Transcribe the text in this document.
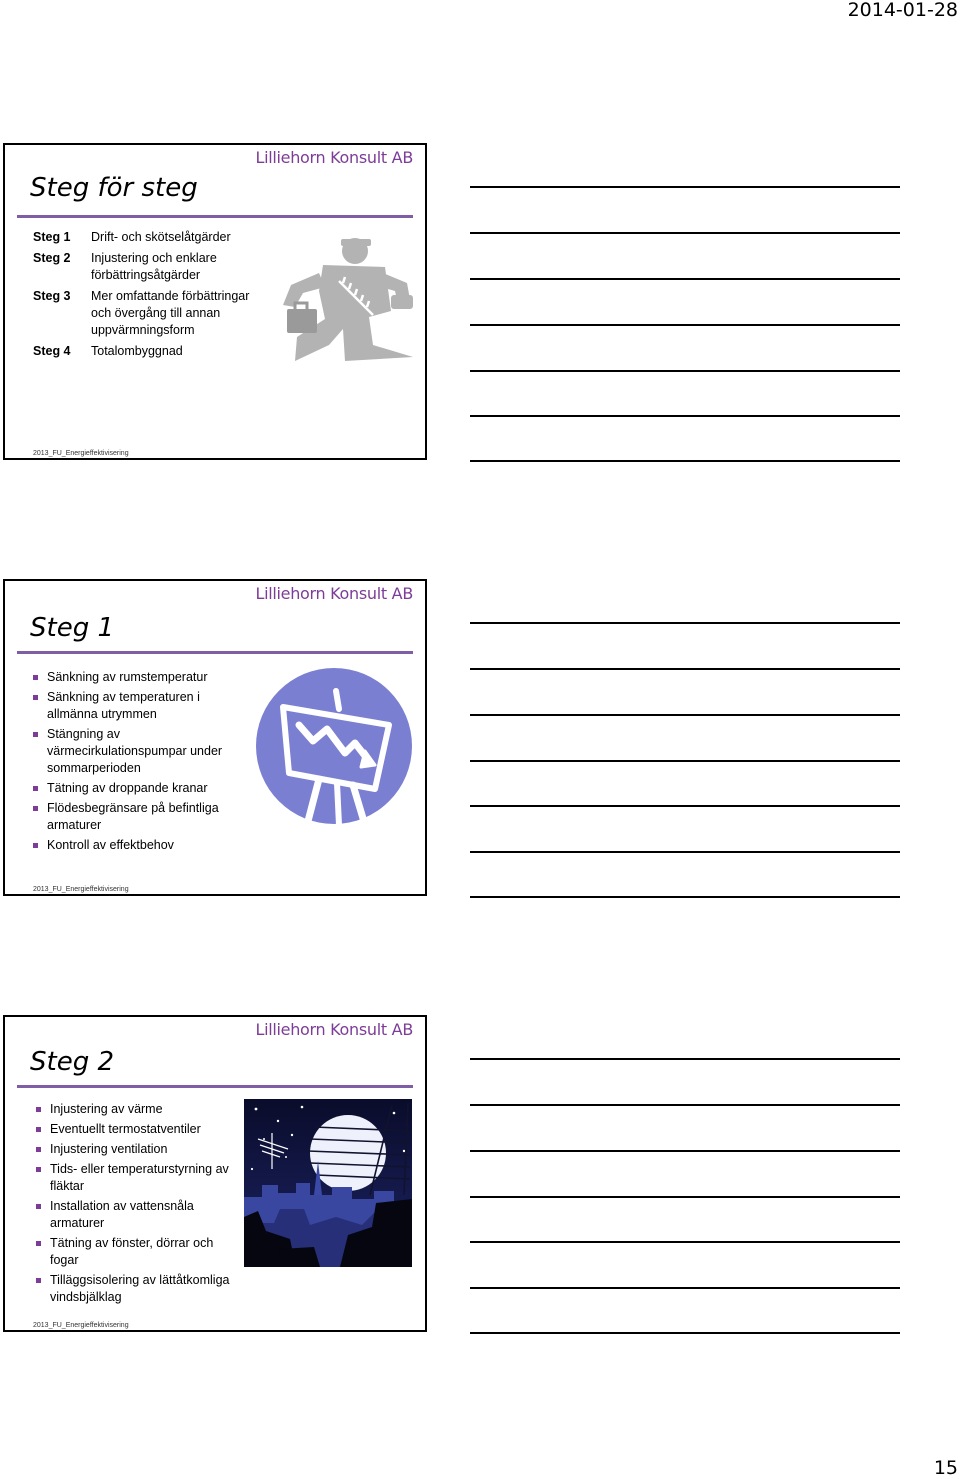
2014-01-28
Lilliehorn Konsult AB
Steg för steg
Steg 1	Drift- och skötselåtgärder
Steg 2	Injustering och enklare förbättringsåtgärder
Steg 3	Mer omfattande förbättringar och övergång till annan uppvärmningsform
Steg 4	Totalombyggnad
2013_FU_Energieffektivisering
Lilliehorn Konsult AB
Steg 1
Sänkning av rumstemperatur
Sänkning av temperaturen i allmänna utrymmen
Stängning av värmecirkulationspumpar under sommarperioden
Tätning av droppande kranar
Flödesbegränsare på befintliga armaturer
Kontroll av effektbehov
2013_FU_Energieffektivisering
Lilliehorn Konsult AB
Steg 2
Injustering av värme
Eventuellt termostatventiler
Injustering ventilation
Tids- eller temperaturstyrning av fläktar
Installation av vattensnåla armaturer
Tätning av fönster, dörrar och fogar
Tilläggsisolering av lättåtkomliga vindsbjälklag
2013_FU_Energieffektivisering
15
